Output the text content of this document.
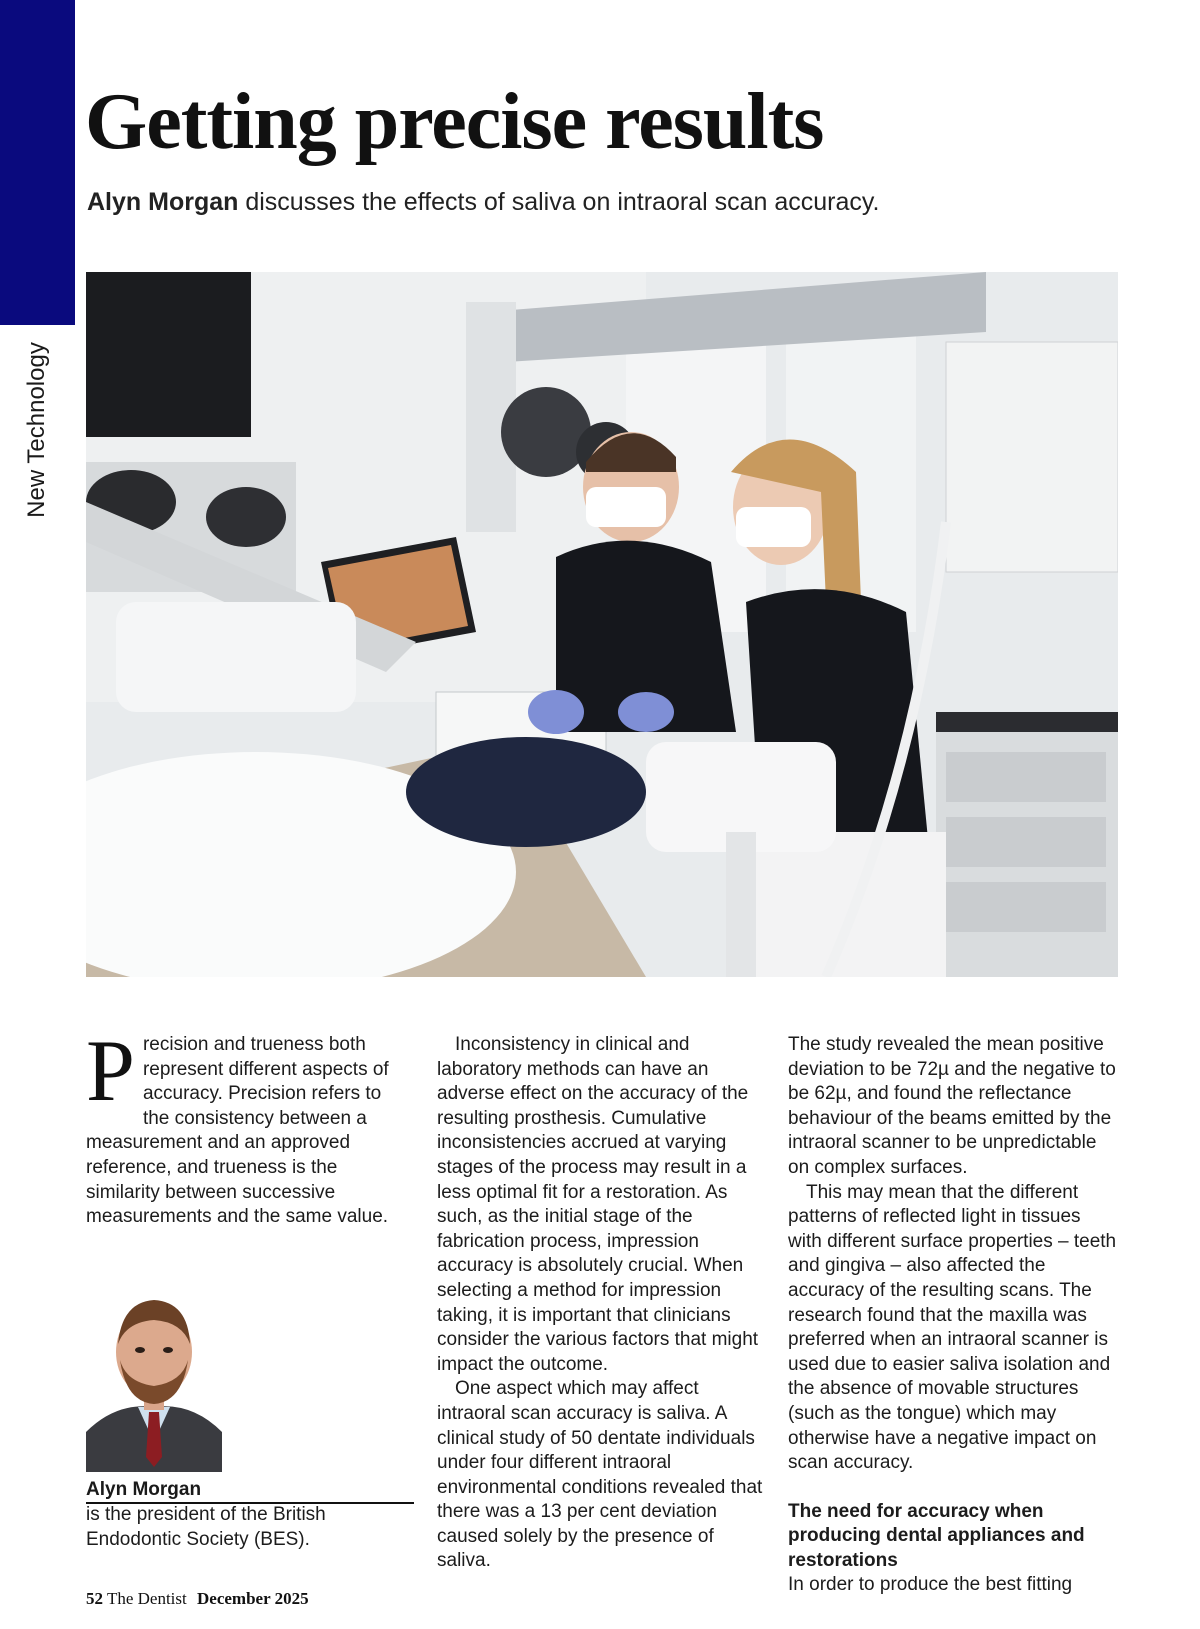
New Technology
Getting precise results

Alyn Morgan discusses the effects of saliva on intraoral scan accuracy.

Precision and trueness both represent different aspects of accuracy. Precision refers to the consistency between a measurement and an approved reference, and trueness is the similarity between successive measurements and the same value.

Alyn Morgan
is the president of the British Endodontic Society (BES).

Inconsistency in clinical and laboratory methods can have an adverse effect on the accuracy of the resulting prosthesis. Cumulative inconsistencies accrued at varying stages of the process may result in a less optimal fit for a restoration. As such, as the initial stage of the fabrication process, impression accuracy is absolutely crucial. When selecting a method for impression taking, it is important that clinicians consider the various factors that might impact the outcome.

One aspect which may affect intraoral scan accuracy is saliva. A clinical study of 50 dentate individuals under four different intraoral environmental conditions revealed that there was a 13 per cent deviation caused solely by the presence of saliva.

The study revealed the mean positive deviation to be 72µ and the negative to be 62µ, and found the reflectance behaviour of the beams emitted by the intraoral scanner to be unpredictable on complex surfaces.

This may mean that the different patterns of reflected light in tissues with different surface properties – teeth and gingiva – also affected the accuracy of the resulting scans. The research found that the maxilla was preferred when an intraoral scanner is used due to easier saliva isolation and the absence of movable structures (such as the tongue) which may otherwise have a negative impact on scan accuracy.

The need for accuracy when producing dental appliances and restorations

In order to produce the best fitting

52 The Dentist December 2025
